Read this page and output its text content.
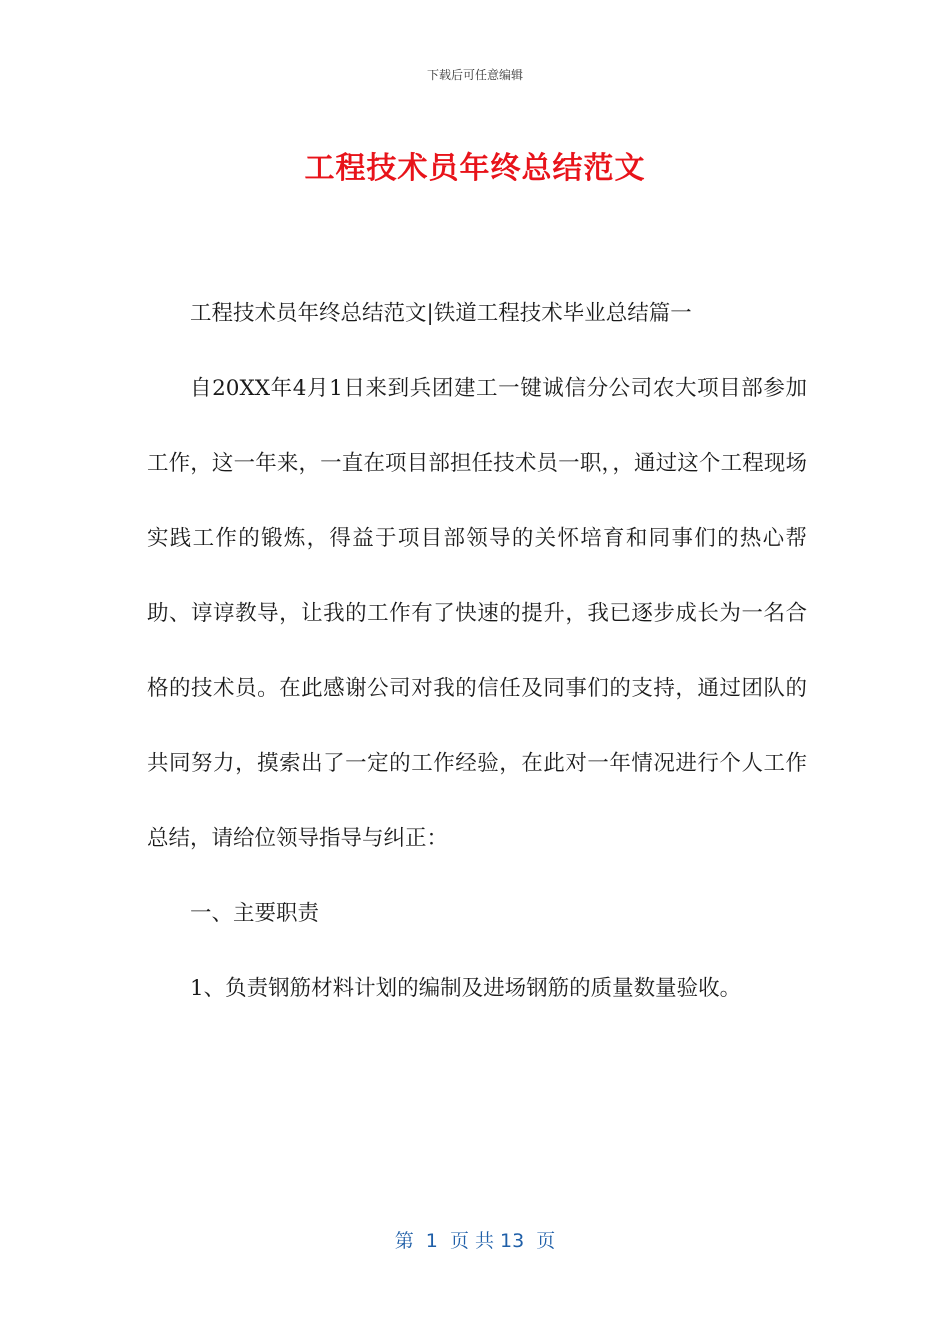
下载后可任意编辑
工程技术员年终总结范文

工程技术员年终总结范文|铁道工程技术毕业总结篇一

自20XX年4月1日来到兵团建工一键诚信分公司农大项目部参加工作，这一年来，一直在项目部担任技术员一职，，通过这个工程现场实践工作的锻炼，得益于项目部领导的关怀培育和同事们的热心帮助、谆谆教导，让我的工作有了快速的提升，我已逐步成长为一名合格的技术员。在此感谢公司对我的信任及同事们的支持，通过团队的共同努力，摸索出了一定的工作经验，在此对一年情况进行个人工作总结，请给位领导指导与纠正：

一、主要职责

1、负责钢筋材料计划的编制及进场钢筋的质量数量验收。

第  1  页 共 13  页
